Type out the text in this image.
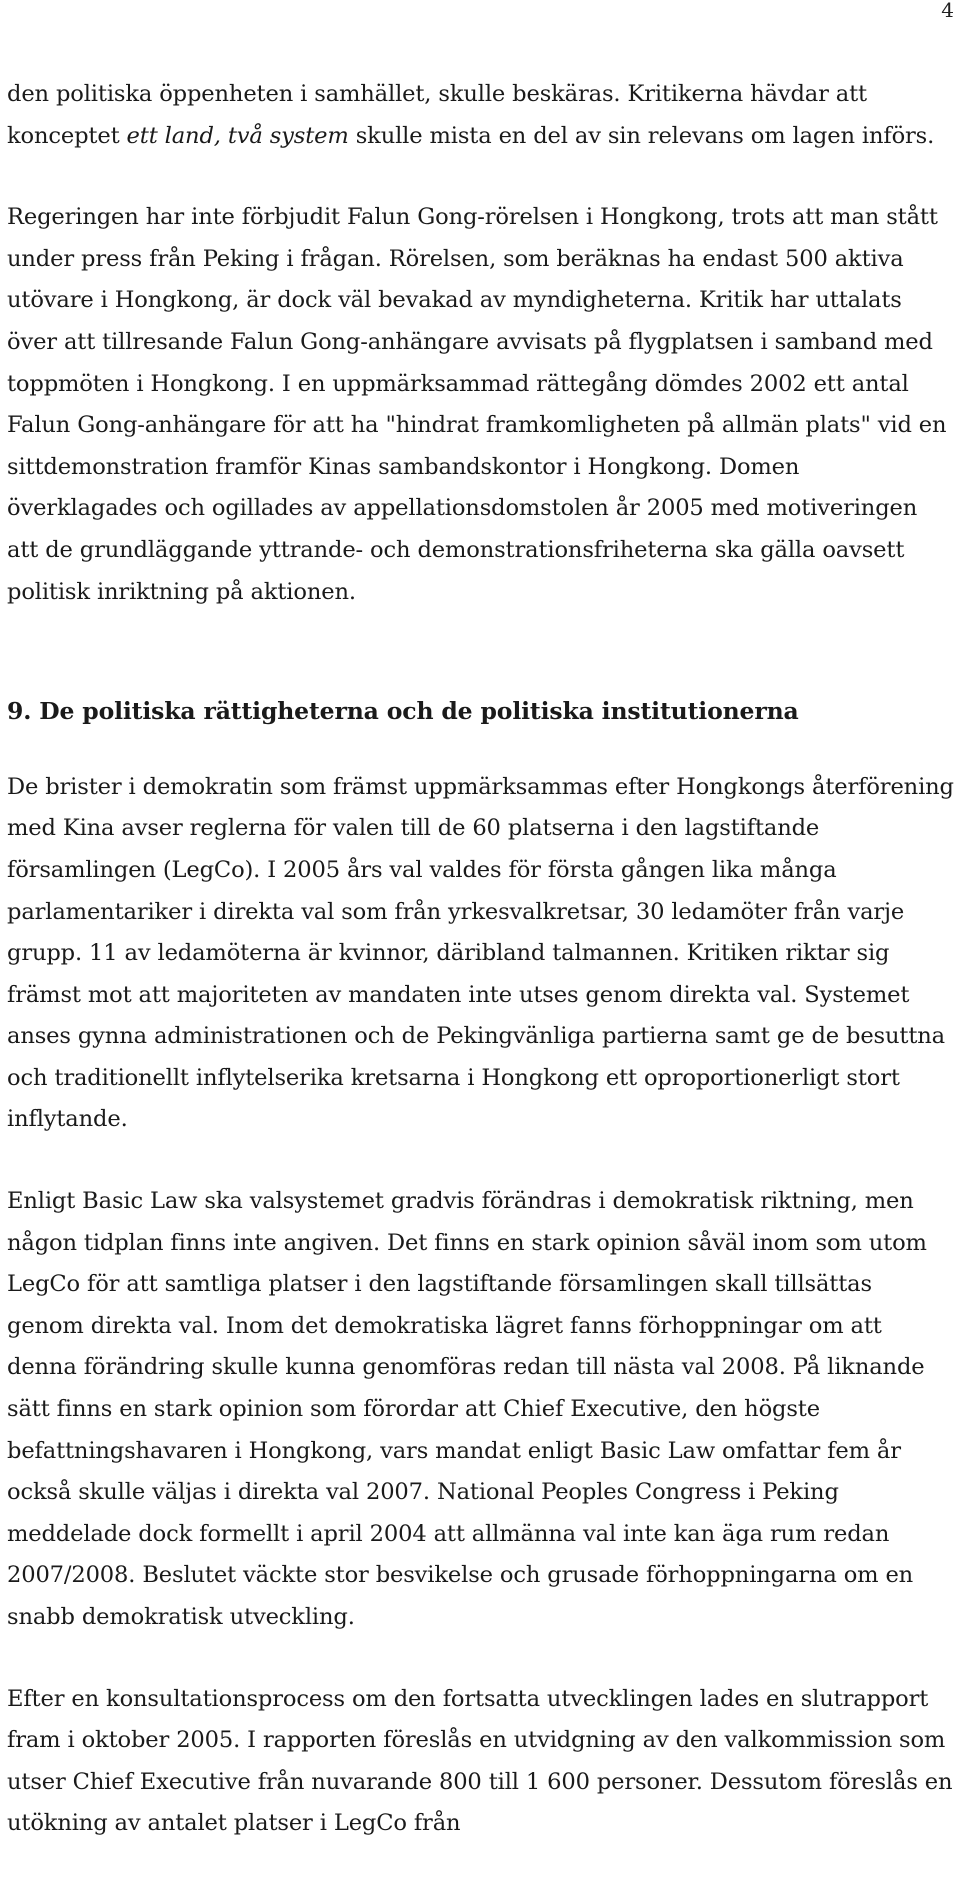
4

den politiska öppenheten i samhället, skulle beskäras. Kritikerna hävdar att konceptet ett land, två system skulle mista en del av sin relevans om lagen införs.

Regeringen har inte förbjudit Falun Gong-rörelsen i Hongkong, trots att man stått under press från Peking i frågan. Rörelsen, som beräknas ha endast 500 aktiva utövare i Hongkong, är dock väl bevakad av myndigheterna. Kritik har uttalats över att tillresande Falun Gong-anhängare avvisats på flygplatsen i samband med toppmöten i Hongkong. I en uppmärksammad rättegång dömdes 2002 ett antal Falun Gong-anhängare för att ha "hindrat framkomligheten på allmän plats" vid en sittdemonstration framför Kinas sambandskontor i Hongkong. Domen överklagades och ogillades av appellationsdomstolen år 2005 med motiveringen att de grundläggande yttrande- och demonstrationsfriheterna ska gälla oavsett politisk inriktning på aktionen.

9. De politiska rättigheterna och de politiska institutionerna

De brister i demokratin som främst uppmärksammas efter Hongkongs återförening med Kina avser reglerna för valen till de 60 platserna i den lagstiftande församlingen (LegCo). I 2005 års val valdes för första gången lika många parlamentariker i direkta val som från yrkesvalkretsar, 30 ledamöter från varje grupp. 11 av ledamöterna är kvinnor, däribland talmannen. Kritiken riktar sig främst mot att majoriteten av mandaten inte utses genom direkta val. Systemet anses gynna administrationen och de Pekingvänliga partierna samt ge de besuttna och traditionellt inflytelserika kretsarna i Hongkong ett oproportionerligt stort inflytande.

Enligt Basic Law ska valsystemet gradvis förändras i demokratisk riktning, men någon tidplan finns inte angiven. Det finns en stark opinion såväl inom som utom LegCo för att samtliga platser i den lagstiftande församlingen skall tillsättas genom direkta val. Inom det demokratiska lägret fanns förhoppningar om att denna förändring skulle kunna genomföras redan till nästa val 2008. På liknande sätt finns en stark opinion som förordar att Chief Executive, den högste befattningshavaren i Hongkong, vars mandat enligt Basic Law omfattar fem år också skulle väljas i direkta val 2007. National Peoples Congress i Peking meddelade dock formellt i april 2004 att allmänna val inte kan äga rum redan 2007/2008. Beslutet väckte stor besvikelse och grusade förhoppningarna om en snabb demokratisk utveckling.

Efter en konsultationsprocess om den fortsatta utvecklingen lades en slutrapport fram i oktober 2005. I rapporten föreslås en utvidgning av den valkommission som utser Chief Executive från nuvarande 800 till 1 600 personer. Dessutom föreslås en utökning av antalet platser i LegCo från
